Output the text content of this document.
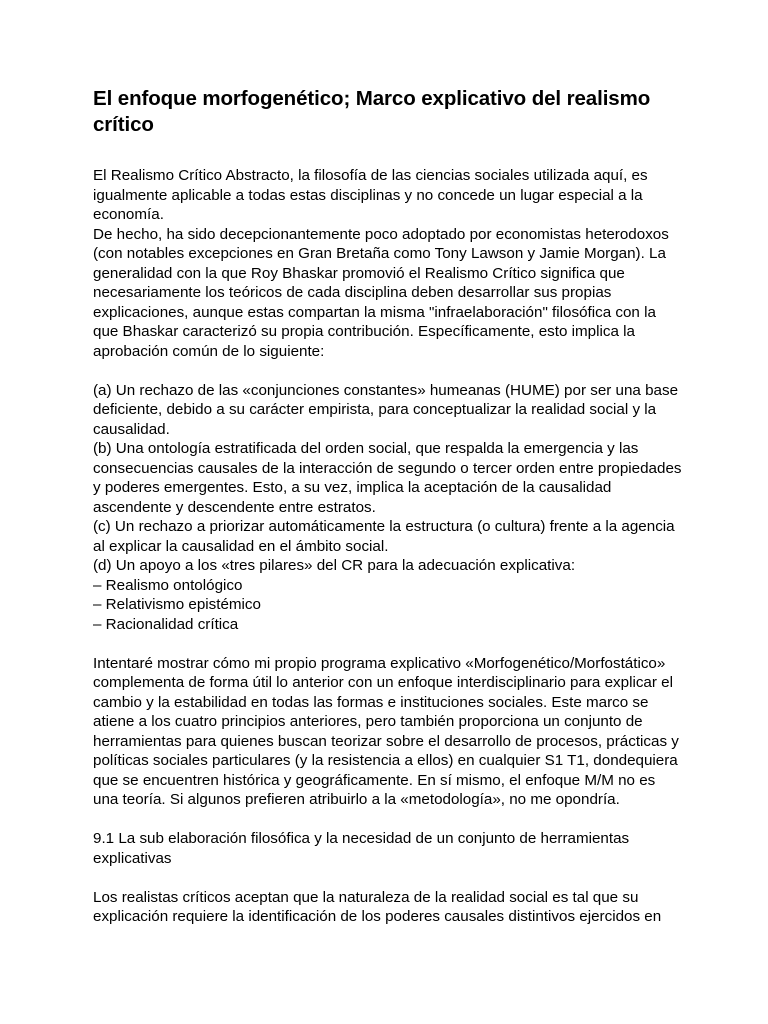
El enfoque morfogenético; Marco explicativo del realismo crítico

El Realismo Crítico Abstracto, la filosofía de las ciencias sociales utilizada aquí, es igualmente aplicable a todas estas disciplinas y no concede un lugar especial a la economía.

De hecho, ha sido decepcionantemente poco adoptado por economistas heterodoxos (con notables excepciones en Gran Bretaña como Tony Lawson y Jamie Morgan). La generalidad con la que Roy Bhaskar promovió el Realismo Crítico significa que necesariamente los teóricos de cada disciplina deben desarrollar sus propias explicaciones, aunque estas compartan la misma "infraelaboración" filosófica con la que Bhaskar caracterizó su propia contribución. Específicamente, esto implica la aprobación común de lo siguiente:

(a) Un rechazo de las «conjunciones constantes» humeanas (HUME) por ser una base deficiente, debido a su carácter empirista, para conceptualizar la realidad social y la causalidad.

(b) Una ontología estratificada del orden social, que respalda la emergencia y las consecuencias causales de la interacción de segundo o tercer orden entre propiedades y poderes emergentes. Esto, a su vez, implica la aceptación de la causalidad ascendente y descendente entre estratos.

(c) Un rechazo a priorizar automáticamente la estructura (o cultura) frente a la agencia al explicar la causalidad en el ámbito social.

(d) Un apoyo a los «tres pilares» del CR para la adecuación explicativa:

– Realismo ontológico

– Relativismo epistémico

– Racionalidad crítica

Intentaré mostrar cómo mi propio programa explicativo «Morfogenético/Morfostático» complementa de forma útil lo anterior con un enfoque interdisciplinario para explicar el cambio y la estabilidad en todas las formas e instituciones sociales. Este marco se atiene a los cuatro principios anteriores, pero también proporciona un conjunto de herramientas para quienes buscan teorizar sobre el desarrollo de procesos, prácticas y políticas sociales particulares (y la resistencia a ellos) en cualquier S1 T1, dondequiera que se encuentren histórica y geográficamente. En sí mismo, el enfoque M/M no es una teoría. Si algunos prefieren atribuirlo a la «metodología», no me opondría.

9.1 La sub elaboración filosófica y la necesidad de un conjunto de herramientas explicativas

Los realistas críticos aceptan que la naturaleza de la realidad social es tal que su explicación requiere la identificación de los poderes causales distintivos ejercidos en
